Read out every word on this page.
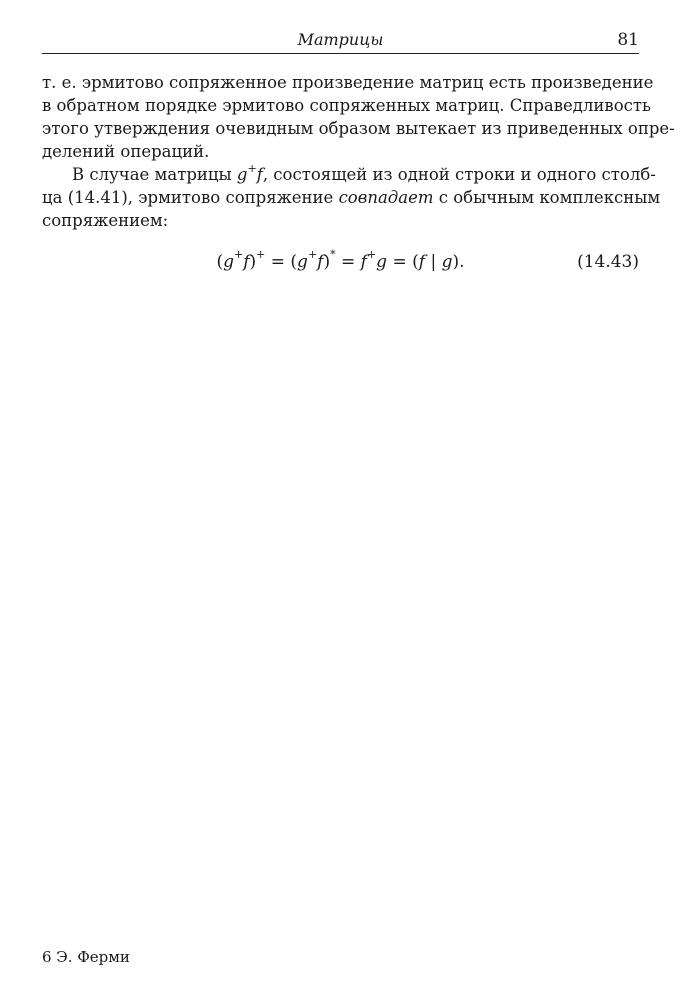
Матрицы	81
т. е. эрмитово сопряженное произведение матриц есть произведение
в обратном порядке эрмитово сопряженных матриц. Справедливость
этого утверждения очевидным образом вытекает из приведенных опре-
делений операций.
В случае матрицы g+f, состоящей из одной строки и одного столб-
ца (14.41), эрмитово сопряжение совпадает с обычным комплексным
сопряжением:
(g+f)+ = (g+f)* = f+g = (f | g).	(14.43)
6 Э. Ферми
